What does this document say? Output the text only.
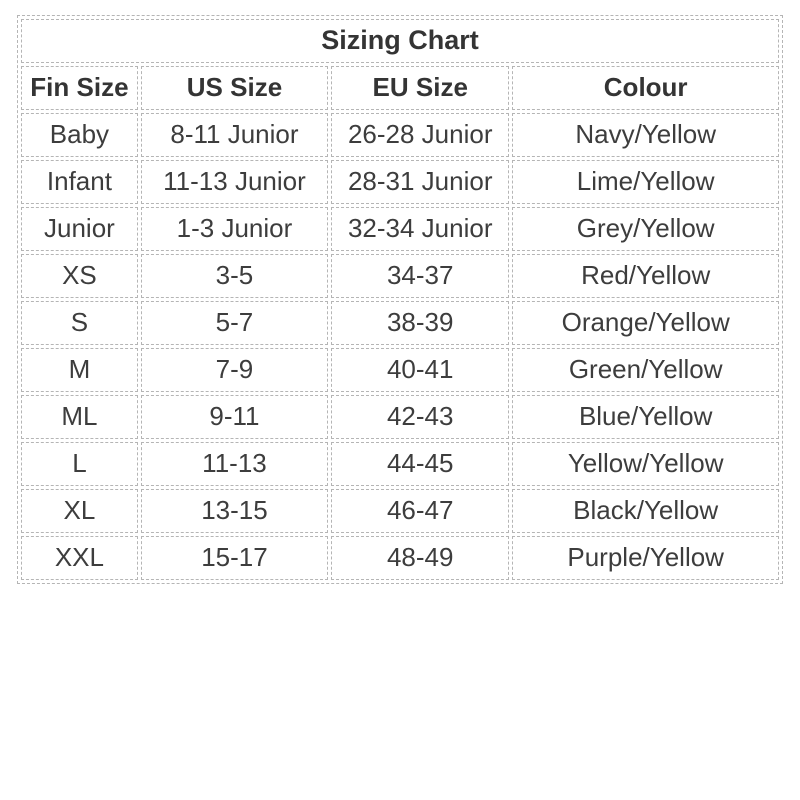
Sizing Chart			
Fin Size	US Size	EU Size	Colour
Baby	8-11 Junior	26-28 Junior	Navy/Yellow
Infant	11-13 Junior	28-31 Junior	Lime/Yellow
Junior	1-3 Junior	32-34 Junior	Grey/Yellow
XS	3-5	34-37	Red/Yellow
S	5-7	38-39	Orange/Yellow
M	7-9	40-41	Green/Yellow
ML	9-11	42-43	Blue/Yellow
L	11-13	44-45	Yellow/Yellow
XL	13-15	46-47	Black/Yellow
XXL	15-17	48-49	Purple/Yellow
